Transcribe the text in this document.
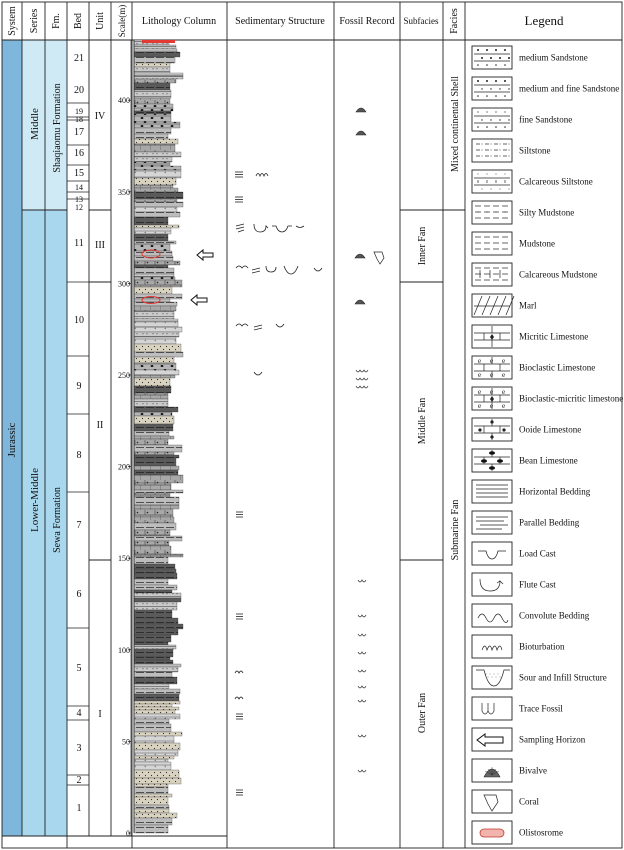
System Series Fm. Bed Unit Scale(m) Lithology Column Sedimentary Structure Fossil Record Subfacies Facies	Legend
Jurassic
Middle
Lower-Middle
Shaqiaomu Formation
Sewa Formation
IV
III
II
I
21
20
19
18
17
16
15
14
13
12
11
10
9
8
7
6
5
4
3
2
1
400
350
300
250
200
150
100
50
0
Inner Fan
Middle Fan
Outer Fan
Mixed continental Shell
Submarine Fan
medium Sandstone
medium and fine Sandstone
fine Sandstone
Siltstone
Calcareous Siltstone
Silty Mudstone
Mudstone
Calcareous Mudstone
Marl
Micritic Limestone
e
e
e
e
e
e
Bioclastic Limestone
e
e
e
e
e
e
Bioclastic-micritic limestone
Ooide Limestone
Bean Limestone
Horizontal Bedding
Parallel Bedding
Load Cast
Flute Cast
Convolute Bedding
Bioturbation
Sour and Infill Structure
Trace Fossil
Sampling Horizon
Bivalve
Coral
Olistosrome
